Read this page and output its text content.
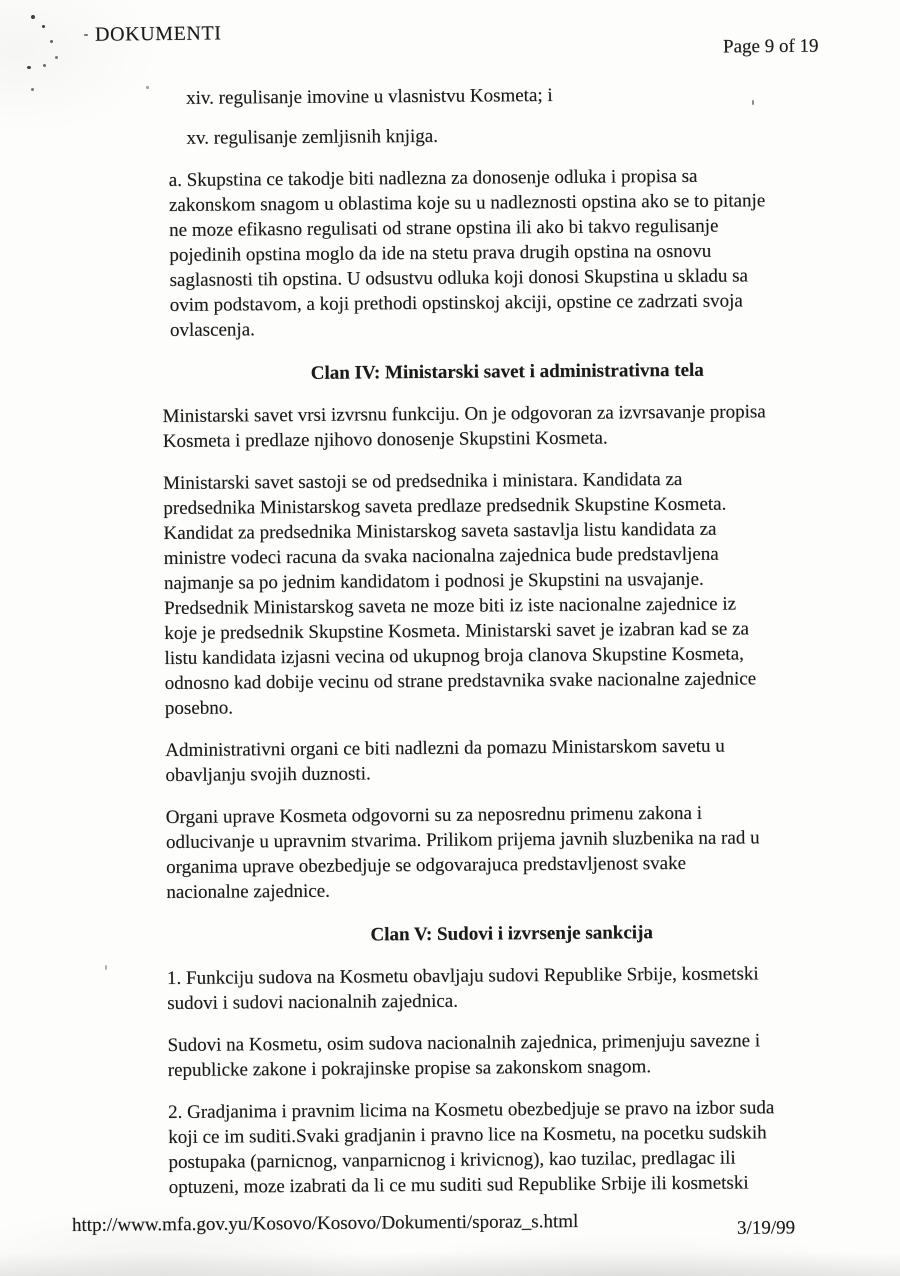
DOKUMENTI
Page 9 of 19
xiv. regulisanje imovine u vlasnistvu Kosmeta; i
xv. regulisanje zemljisnih knjiga.
a. Skupstina ce takodje biti nadlezna za donosenje odluka i propisa sa
zakonskom snagom u oblastima koje su u nadleznosti opstina ako se to pitanje
ne moze efikasno regulisati od strane opstina ili ako bi takvo regulisanje
pojedinih opstina moglo da ide na stetu prava drugih opstina na osnovu
saglasnosti tih opstina. U odsustvu odluka koji donosi Skupstina u skladu sa
ovim podstavom, a koji prethodi opstinskoj akciji, opstine ce zadrzati svoja
ovlascenja.
Clan IV: Ministarski savet i administrativna tela
Ministarski savet vrsi izvrsnu funkciju. On je odgovoran za izvrsavanje propisa
Kosmeta i predlaze njihovo donosenje Skupstini Kosmeta.
Ministarski savet sastoji se od predsednika i ministara. Kandidata za
predsednika Ministarskog saveta predlaze predsednik Skupstine Kosmeta.
Kandidat za predsednika Ministarskog saveta sastavlja listu kandidata za
ministre vodeci racuna da svaka nacionalna zajednica bude predstavljena
najmanje sa po jednim kandidatom i podnosi je Skupstini na usvajanje.
Predsednik Ministarskog saveta ne moze biti iz iste nacionalne zajednice iz
koje je predsednik Skupstine Kosmeta. Ministarski savet je izabran kad se za
listu kandidata izjasni vecina od ukupnog broja clanova Skupstine Kosmeta,
odnosno kad dobije vecinu od strane predstavnika svake nacionalne zajednice
posebno.
Administrativni organi ce biti nadlezni da pomazu Ministarskom savetu u
obavljanju svojih duznosti.
Organi uprave Kosmeta odgovorni su za neposrednu primenu zakona i
odlucivanje u upravnim stvarima. Prilikom prijema javnih sluzbenika na rad u
organima uprave obezbedjuje se odgovarajuca predstavljenost svake
nacionalne zajednice.
Clan V: Sudovi i izvrsenje sankcija
1. Funkciju sudova na Kosmetu obavljaju sudovi Republike Srbije, kosmetski
sudovi i sudovi nacionalnih zajednica.
Sudovi na Kosmetu, osim sudova nacionalnih zajednica, primenjuju savezne i
republicke zakone i pokrajinske propise sa zakonskom snagom.
2. Gradjanima i pravnim licima na Kosmetu obezbedjuje se pravo na izbor suda
koji ce im suditi.Svaki gradjanin i pravno lice na Kosmetu, na pocetku sudskih
postupaka (parnicnog, vanparnicnog i krivicnog), kao tuzilac, predlagac ili
optuzeni, moze izabrati da li ce mu suditi sud Republike Srbije ili kosmetski
http://www.mfa.gov.yu/Kosovo/Kosovo/Dokumenti/sporaz_s.html	3/19/99
